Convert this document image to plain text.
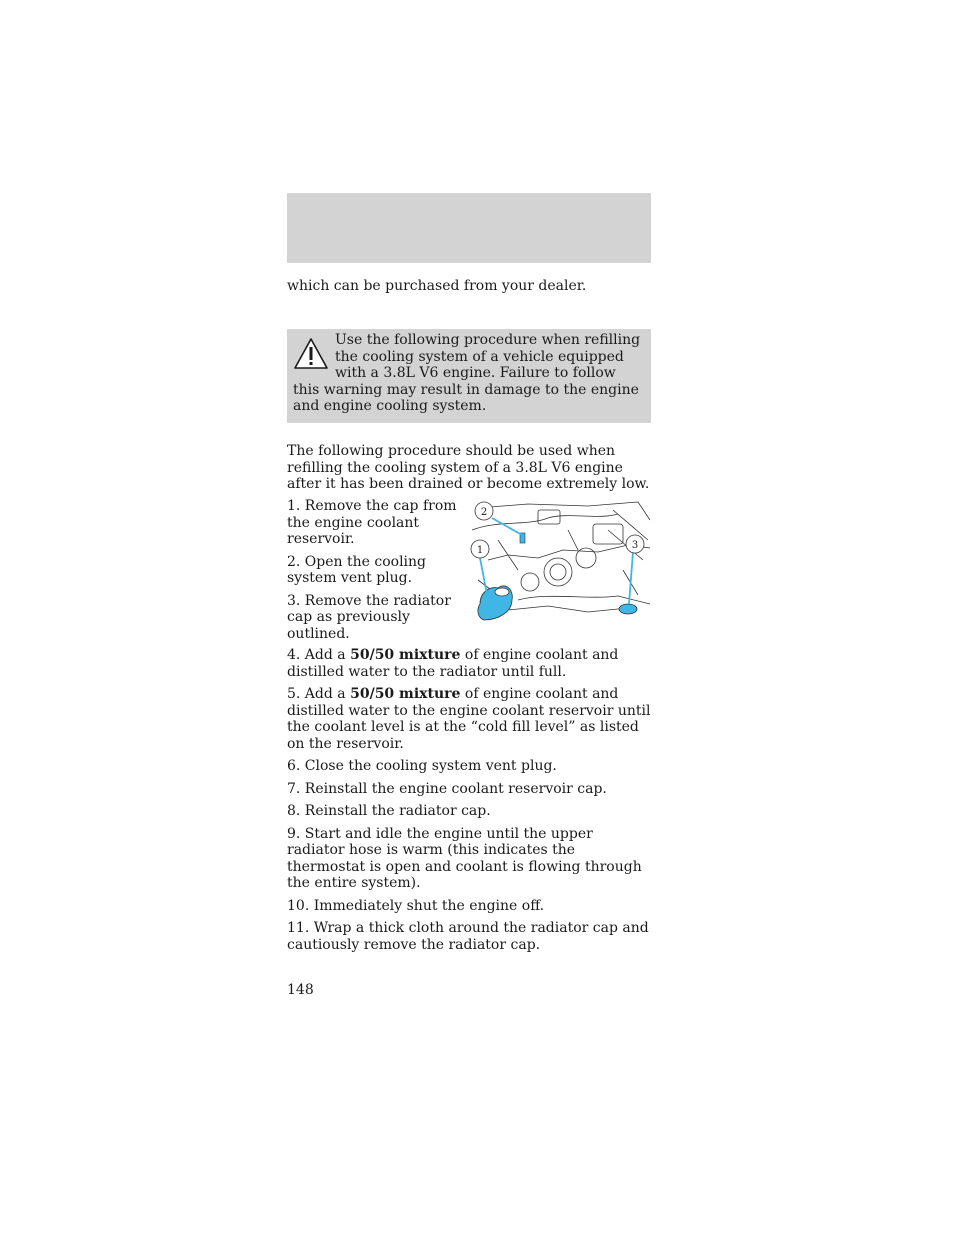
which can be purchased from your dealer.

Use the following procedure when refilling the cooling system of a vehicle equipped with a 3.8L V6 engine. Failure to follow this warning may result in damage to the engine and engine cooling system.

The following procedure should be used when refilling the cooling system of a 3.8L V6 engine after it has been drained or become extremely low.

1. Remove the cap from the engine coolant reservoir.

2. Open the cooling system vent plug.

3. Remove the radiator cap as previously outlined.

1
2
3

4. Add a 50/50 mixture of engine coolant and distilled water to the radiator until full.

5. Add a 50/50 mixture of engine coolant and distilled water to the engine coolant reservoir until the coolant level is at the “cold fill level” as listed on the reservoir.

6. Close the cooling system vent plug.

7. Reinstall the engine coolant reservoir cap.

8. Reinstall the radiator cap.

9. Start and idle the engine until the upper radiator hose is warm (this indicates the thermostat is open and coolant is flowing through the entire system).

10. Immediately shut the engine off.

11. Wrap a thick cloth around the radiator cap and cautiously remove the radiator cap.

148
